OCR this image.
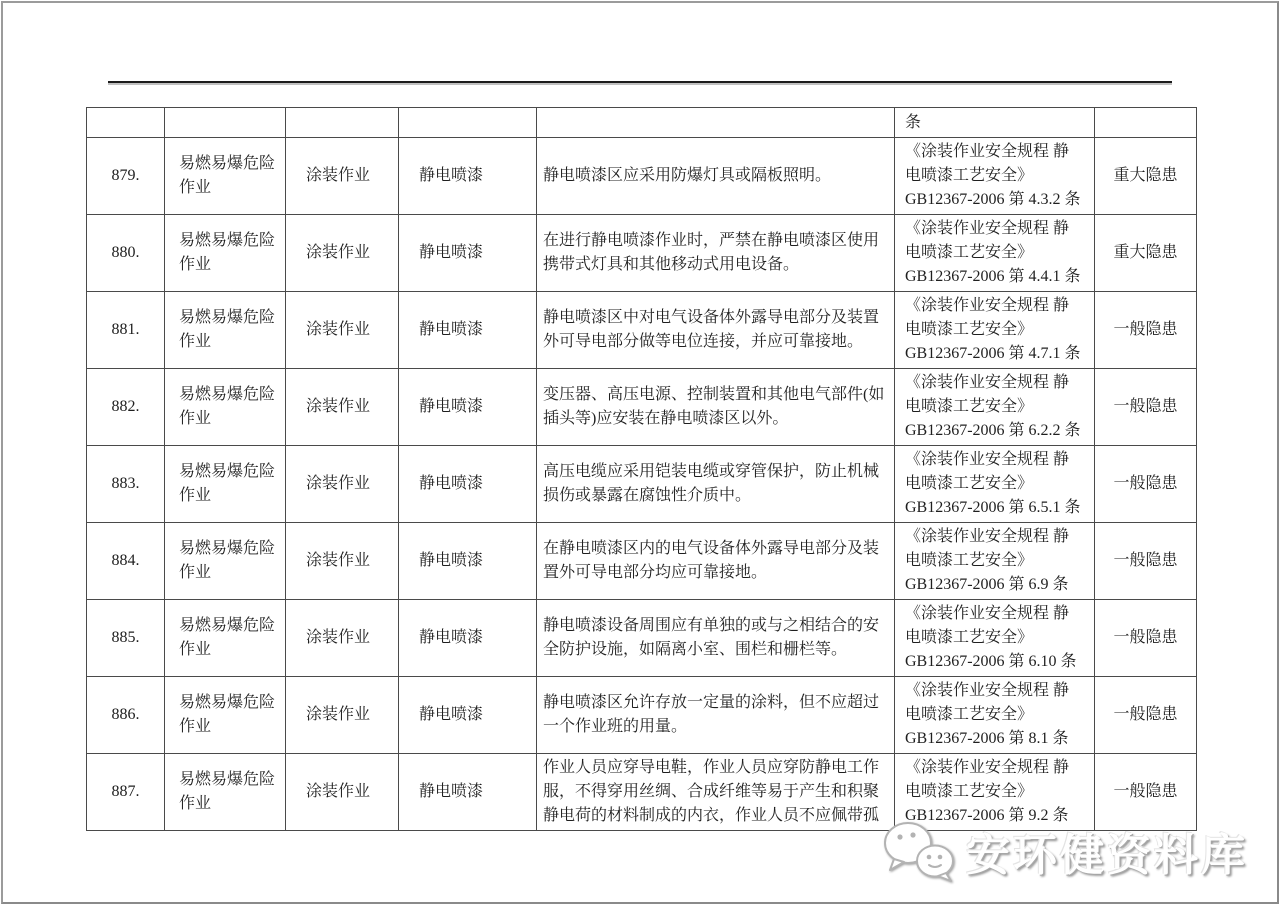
					条	
879.	易燃易爆危险作业	涂装作业	静电喷漆	静电喷漆区应采用防爆灯具或隔板照明。	《涂装作业安全规程 静
电喷漆工艺安全》
GB12367-2006 第 4.3.2 条	重大隐患
880.	易燃易爆危险作业	涂装作业	静电喷漆	在进行静电喷漆作业时，严禁在静电喷漆区使用携带式灯具和其他移动式用电设备。	《涂装作业安全规程 静
电喷漆工艺安全》
GB12367-2006 第 4.4.1 条	重大隐患
881.	易燃易爆危险作业	涂装作业	静电喷漆	静电喷漆区中对电气设备体外露导电部分及装置外可导电部分做等电位连接，并应可靠接地。	《涂装作业安全规程 静
电喷漆工艺安全》
GB12367-2006 第 4.7.1 条	一般隐患
882.	易燃易爆危险作业	涂装作业	静电喷漆	变压器、高压电源、控制装置和其他电气部件(如插头等)应安装在静电喷漆区以外。	《涂装作业安全规程 静
电喷漆工艺安全》
GB12367-2006 第 6.2.2 条	一般隐患
883.	易燃易爆危险作业	涂装作业	静电喷漆	高压电缆应采用铠装电缆或穿管保护，防止机械损伤或暴露在腐蚀性介质中。	《涂装作业安全规程 静
电喷漆工艺安全》
GB12367-2006 第 6.5.1 条	一般隐患
884.	易燃易爆危险作业	涂装作业	静电喷漆	在静电喷漆区内的电气设备体外露导电部分及装置外可导电部分均应可靠接地。	《涂装作业安全规程 静
电喷漆工艺安全》
GB12367-2006 第 6.9 条	一般隐患
885.	易燃易爆危险作业	涂装作业	静电喷漆	静电喷漆设备周围应有单独的或与之相结合的安全防护设施，如隔离小室、围栏和栅栏等。	《涂装作业安全规程 静
电喷漆工艺安全》
GB12367-2006 第 6.10 条	一般隐患
886.	易燃易爆危险作业	涂装作业	静电喷漆	静电喷漆区允许存放一定量的涂料，但不应超过一个作业班的用量。	《涂装作业安全规程 静
电喷漆工艺安全》
GB12367-2006 第 8.1 条	一般隐患
887.	易燃易爆危险作业	涂装作业	静电喷漆	作业人员应穿导电鞋，作业人员应穿防静电工作服，不得穿用丝绸、合成纤维等易于产生和积聚静电荷的材料制成的内衣，作业人员不应佩带孤	《涂装作业安全规程 静
电喷漆工艺安全》
GB12367-2006 第 9.2 条	一般隐患
安环健资料库
